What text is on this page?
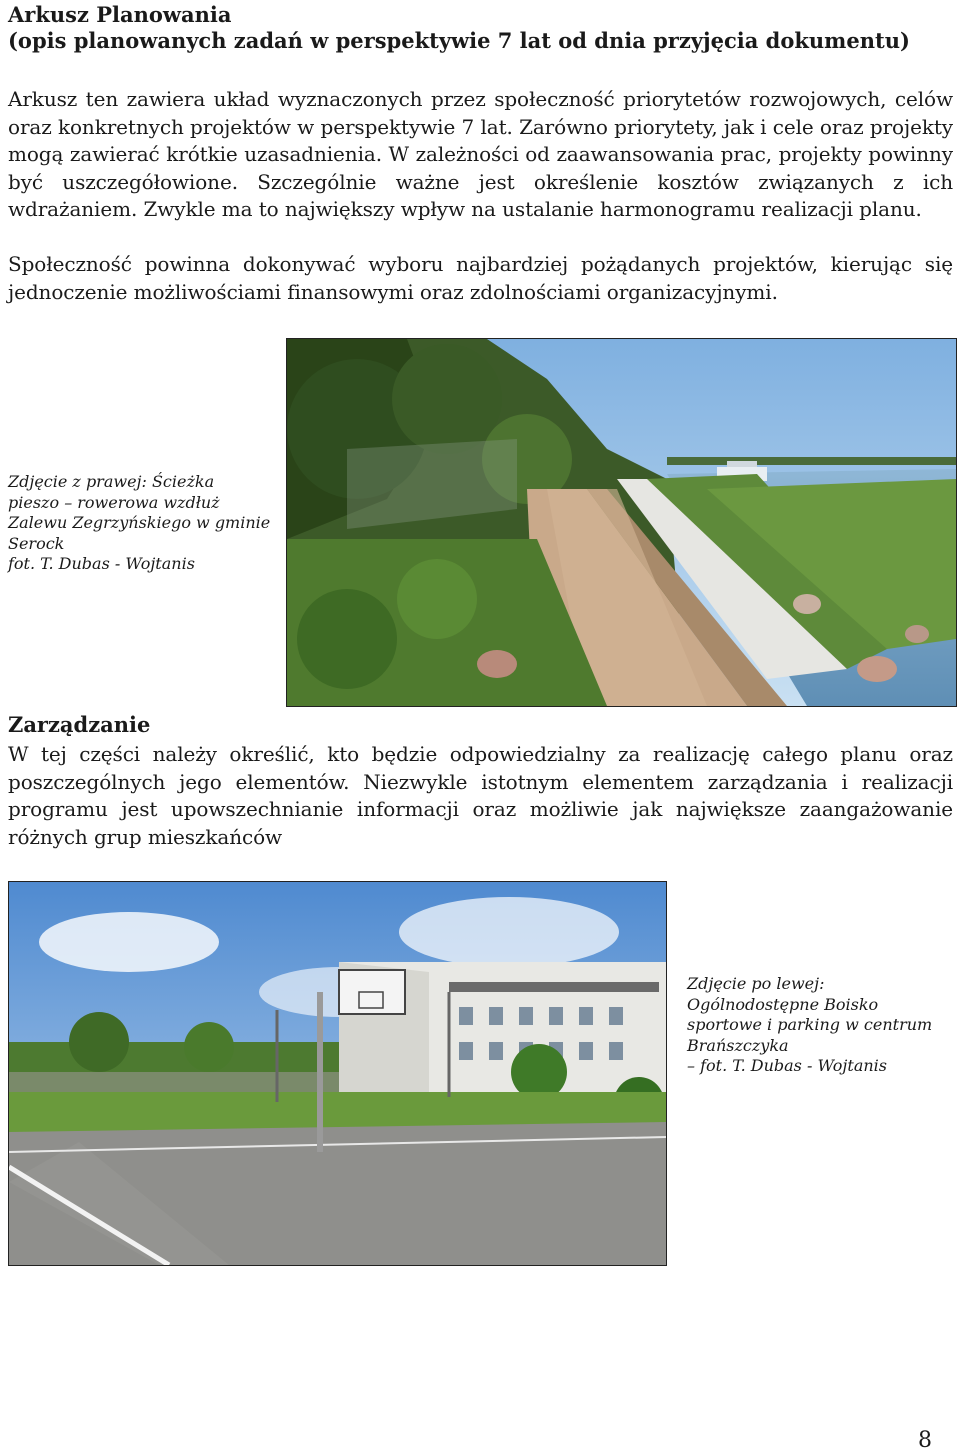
Arkusz Planowania
(opis planowanych zadań w perspektywie 7 lat od dnia przyjęcia dokumentu)

Arkusz ten zawiera układ wyznaczonych przez społeczność priorytetów rozwojowych, celów oraz konkretnych projektów w perspektywie 7 lat. Zarówno priorytety, jak i cele oraz projekty mogą zawierać krótkie uzasadnienia. W zależności od zaawansowania prac, projekty powinny być uszczegółowione. Szczególnie ważne jest określenie kosztów związanych z ich wdrażaniem. Zwykle ma to największy wpływ na ustalanie harmonogramu realizacji planu.

Społeczność powinna dokonywać wyboru najbardziej pożądanych projektów, kierując się jednoczenie możliwościami finansowymi oraz zdolnościami organizacyjnymi.

Zdjęcie z prawej: Ścieżka
pieszo – rowerowa wzdłuż
Zalewu Zegrzyńskiego w gminie
Serock
fot. T. Dubas - Wojtanis

Zarządzanie

W tej części należy określić, kto będzie odpowiedzialny za realizację całego planu oraz poszczególnych jego elementów. Niezwykle istotnym elementem zarządzania i realizacji programu jest upowszechnianie informacji oraz możliwie jak największe zaangażowanie różnych grup mieszkańców

Zdjęcie po lewej:
Ogólnodostępne Boisko
sportowe i parking w centrum
Brańszczyka
– fot. T. Dubas - Wojtanis

8
